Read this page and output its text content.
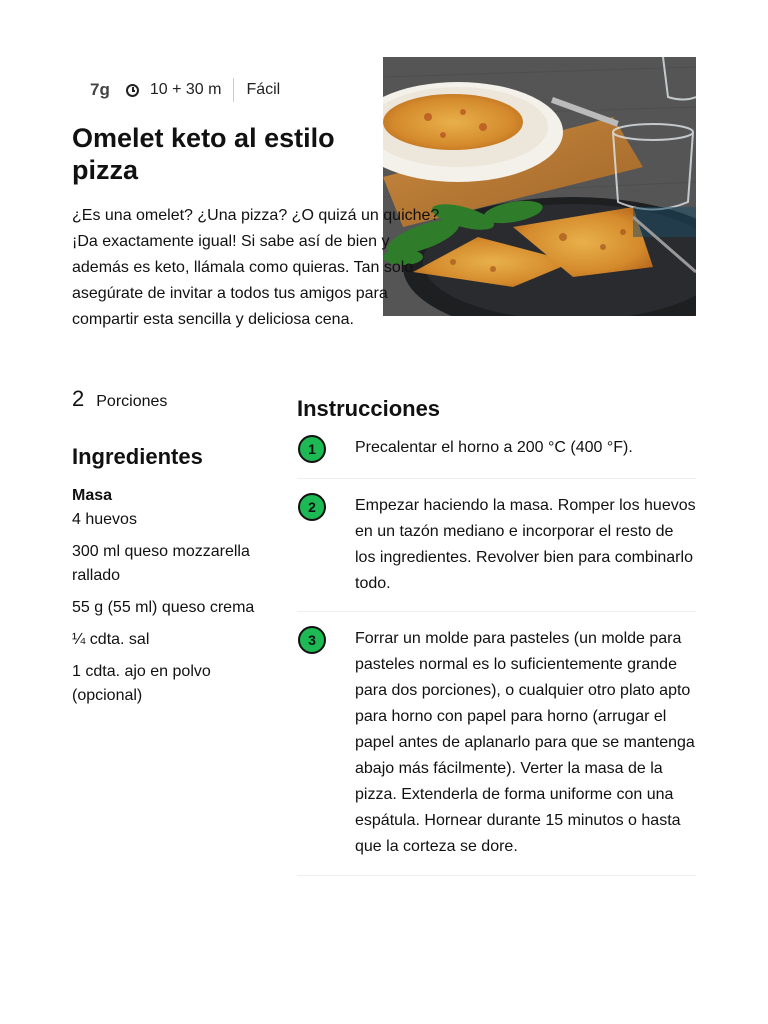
7g	10 + 30 m Fácil
Omelet keto al estilo pizza

¿Es una omelet? ¿Una pizza? ¿O quizá un quiche? ¡Da exactamente igual! Si sabe así de bien y además es keto, llámala como quieras. Tan solo asegúrate de invitar a todos tus amigos para compartir esta sencilla y deliciosa cena.

2 Porciones
Ingredientes
Masa
4 huevos
300 ml queso mozzarella rallado
55 g (55 ml) queso crema
¼ cdta. sal
1 cdta. ajo en polvo (opcional)
Instrucciones
1	Precalentar el horno a 200 °C (400 °F).
2	Empezar haciendo la masa. Romper los huevos en un tazón mediano e incorporar el resto de los ingredientes. Revolver bien para combinarlo todo.
3	Forrar un molde para pasteles (un molde para pasteles normal es lo suficientemente grande para dos porciones), o cualquier otro plato apto para horno con papel para horno (arrugar el papel antes de aplanarlo para que se mantenga abajo más fácilmente). Verter la masa de la pizza. Extenderla de forma uniforme con una espátula. Hornear durante 15 minutos o hasta que la corteza se dore.
